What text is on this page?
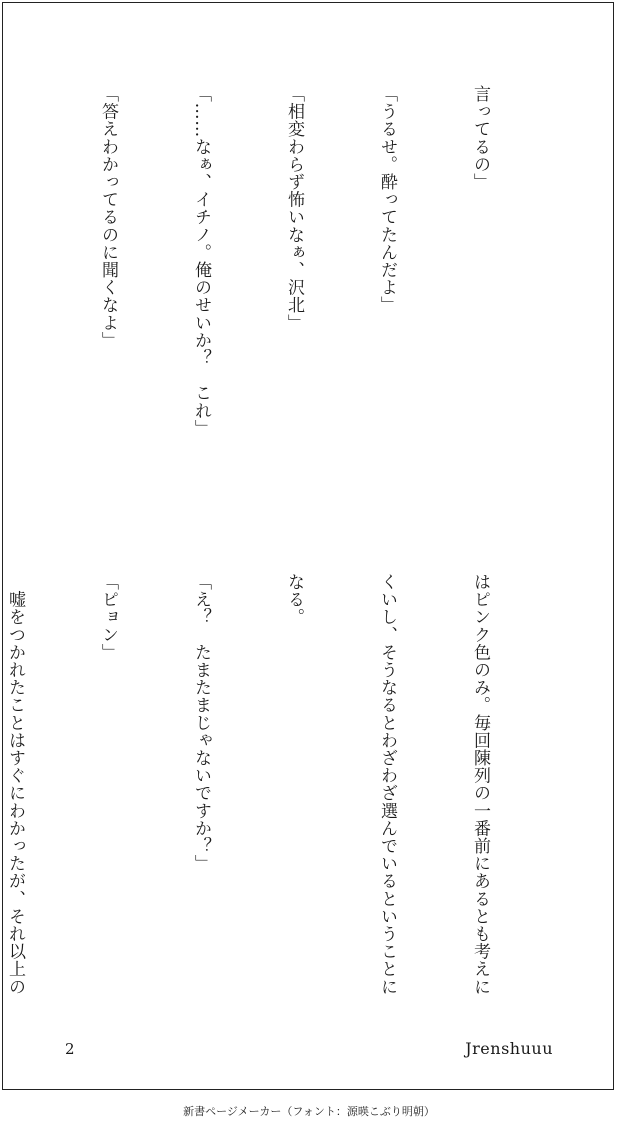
言ってるの」

「うるせ。酔ってたんだよ」

「相変わらず怖いなぁ、沢北」

「……なぁ、イチノ。俺のせいか？　これ」

「答えわかってるのに聞くなよ」

はピンク色のみ。毎回陳列の一番前にあるとも考えに

くいし、そうなるとわざわざ選んでいるということに

なる。

「え？　たまたまじゃないですか？」

「ピョン」

　嘘をつかれたことはすぐにわかったが、それ以上の

2	Jrenshuuu
新書ページメーカー（フォント：源暎こぶり明朝）
